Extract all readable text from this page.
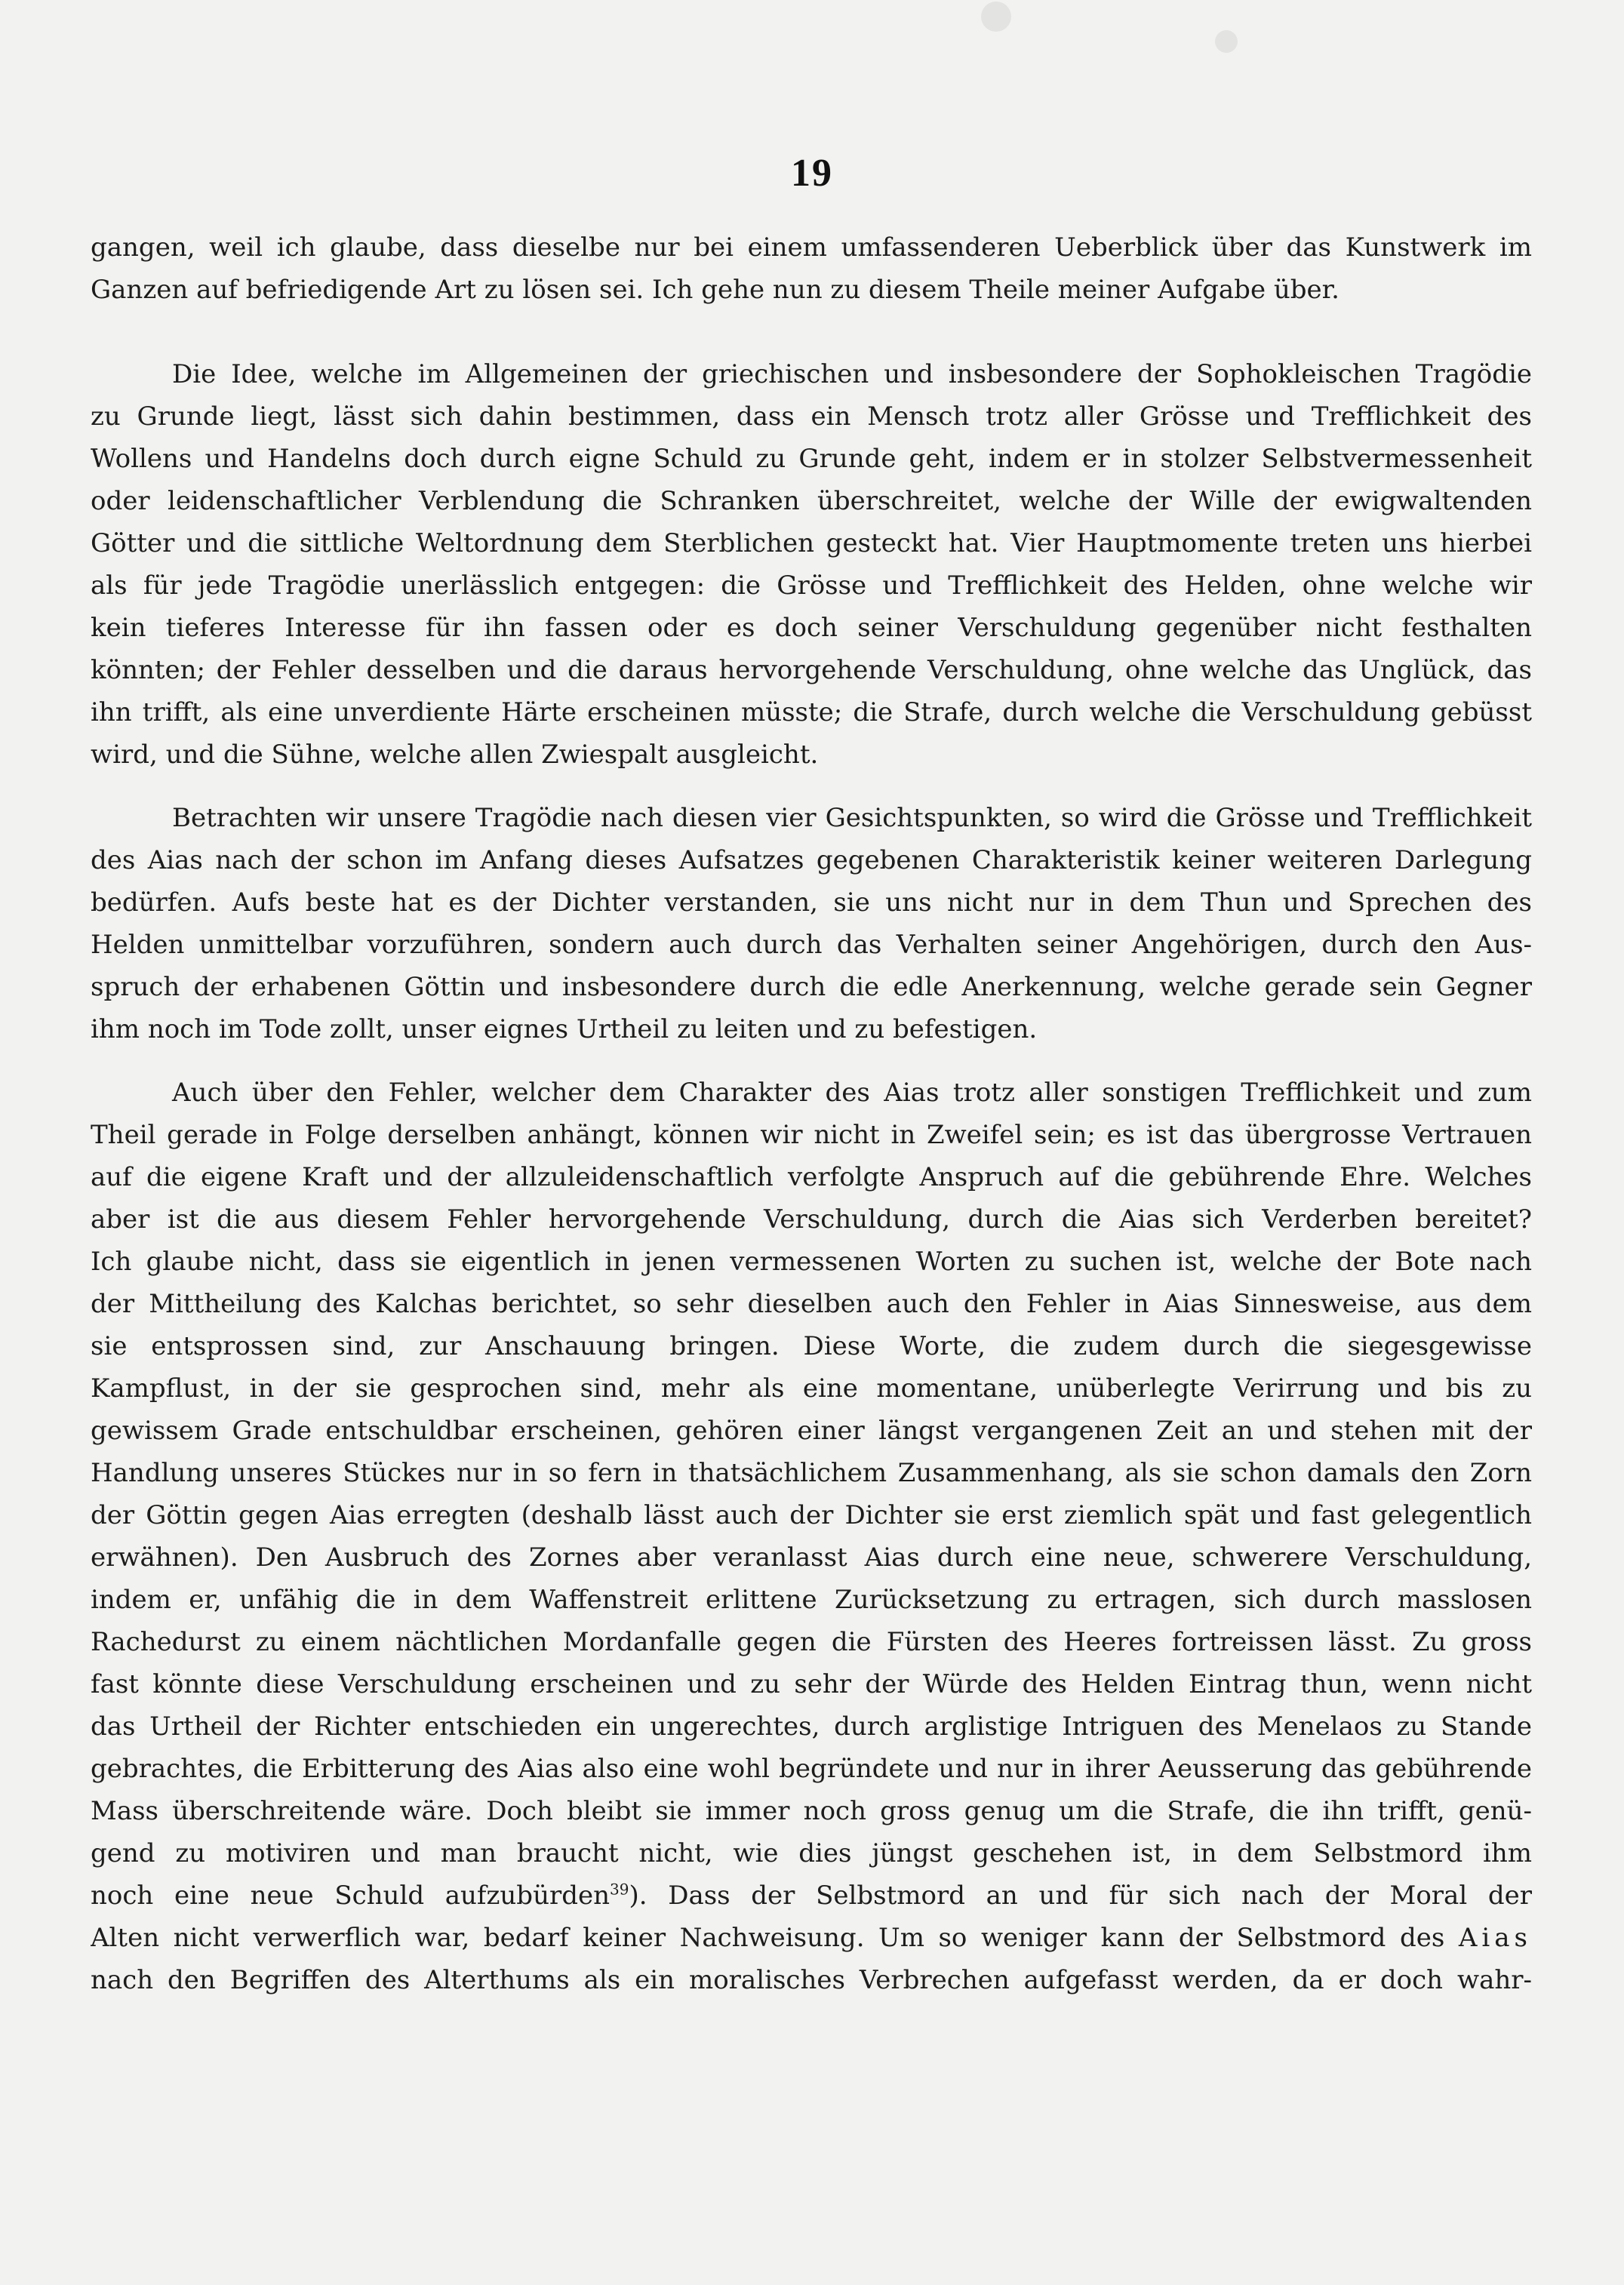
19
gangen, weil ich glaube, dass dieselbe nur bei einem umfassenderen Ueberblick über das Kunstwerk im
Ganzen auf befriedigende Art zu lösen sei. Ich gehe nun zu diesem Theile meiner Aufgabe über.
Die Idee, welche im Allgemeinen der griechischen und insbesondere der Sophokleischen Tragödie
zu Grunde liegt, lässt sich dahin bestimmen, dass ein Mensch trotz aller Grösse und Trefflichkeit des
Wollens und Handelns doch durch eigne Schuld zu Grunde geht, indem er in stolzer Selbstvermessenheit
oder leidenschaftlicher Verblendung die Schranken überschreitet, welche der Wille der ewigwaltenden
Götter und die sittliche Weltordnung dem Sterblichen gesteckt hat. Vier Hauptmomente treten uns hierbei
als für jede Tragödie unerlässlich entgegen: die Grösse und Trefflichkeit des Helden, ohne welche wir
kein tieferes Interesse für ihn fassen oder es doch seiner Verschuldung gegenüber nicht festhalten
könnten; der Fehler desselben und die daraus hervorgehende Verschuldung, ohne welche das Unglück, das
ihn trifft, als eine unverdiente Härte erscheinen müsste; die Strafe, durch welche die Verschuldung gebüsst
wird, und die Sühne, welche allen Zwiespalt ausgleicht.
Betrachten wir unsere Tragödie nach diesen vier Gesichtspunkten, so wird die Grösse und Trefflichkeit
des Aias nach der schon im Anfang dieses Aufsatzes gegebenen Charakteristik keiner weiteren Darlegung
bedürfen. Aufs beste hat es der Dichter verstanden, sie uns nicht nur in dem Thun und Sprechen des
Helden unmittelbar vorzuführen, sondern auch durch das Verhalten seiner Angehörigen, durch den Aus-
spruch der erhabenen Göttin und insbesondere durch die edle Anerkennung, welche gerade sein Gegner
ihm noch im Tode zollt, unser eignes Urtheil zu leiten und zu befestigen.
Auch über den Fehler, welcher dem Charakter des Aias trotz aller sonstigen Trefflichkeit und zum
Theil gerade in Folge derselben anhängt, können wir nicht in Zweifel sein; es ist das übergrosse Vertrauen
auf die eigene Kraft und der allzuleidenschaftlich verfolgte Anspruch auf die gebührende Ehre. Welches
aber ist die aus diesem Fehler hervorgehende Verschuldung, durch die Aias sich Verderben bereitet?
Ich glaube nicht, dass sie eigentlich in jenen vermessenen Worten zu suchen ist, welche der Bote nach
der Mittheilung des Kalchas berichtet, so sehr dieselben auch den Fehler in Aias Sinnesweise, aus dem
sie entsprossen sind, zur Anschauung bringen. Diese Worte, die zudem durch die siegesgewisse
Kampflust, in der sie gesprochen sind, mehr als eine momentane, unüberlegte Verirrung und bis zu
gewissem Grade entschuldbar erscheinen, gehören einer längst vergangenen Zeit an und stehen mit der
Handlung unseres Stückes nur in so fern in thatsächlichem Zusammenhang, als sie schon damals den Zorn
der Göttin gegen Aias erregten (deshalb lässt auch der Dichter sie erst ziemlich spät und fast gelegentlich
erwähnen). Den Ausbruch des Zornes aber veranlasst Aias durch eine neue, schwerere Verschuldung,
indem er, unfähig die in dem Waffenstreit erlittene Zurücksetzung zu ertragen, sich durch masslosen
Rachedurst zu einem nächtlichen Mordanfalle gegen die Fürsten des Heeres fortreissen lässt. Zu gross
fast könnte diese Verschuldung erscheinen und zu sehr der Würde des Helden Eintrag thun, wenn nicht
das Urtheil der Richter entschieden ein ungerechtes, durch arglistige Intriguen des Menelaos zu Stande
gebrachtes, die Erbitterung des Aias also eine wohl begründete und nur in ihrer Aeusserung das gebührende
Mass überschreitende wäre. Doch bleibt sie immer noch gross genug um die Strafe, die ihn trifft, genü-
gend zu motiviren und man braucht nicht, wie dies jüngst geschehen ist, in dem Selbstmord ihm
noch eine neue Schuld aufzubürden$^{39}$). Dass der Selbstmord an und für sich nach der Moral der
Alten nicht verwerflich war, bedarf keiner Nachweisung. Um so weniger kann der Selbstmord des Aias
nach den Begriffen des Alterthums als ein moralisches Verbrechen aufgefasst werden, da er doch wahr-
